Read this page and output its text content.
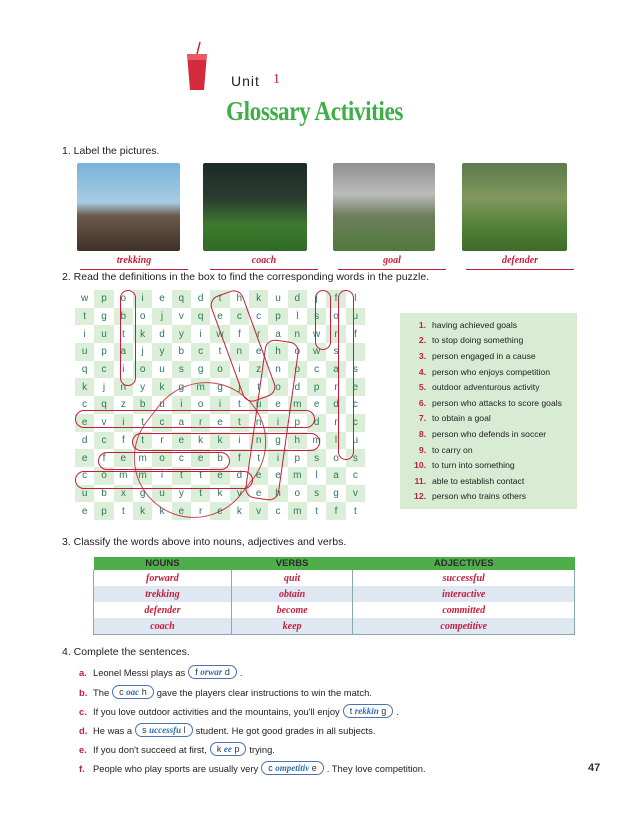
Unit 1
Glossary Activities
1. Label the pictures.
trekking	coach	goal	defender
2. Read the definitions in the box to find the corresponding words in the puzzle.
w	p	o	i	e	q	d	t	h	k	u	d	j	f	l
t	g	b	o	j	v	q	e	c	c	p	l	s	o	u
i	u	t	k	d	y	i	w	f	r	a	n	w	r	f
u	p	a	j	y	b	c	t	n	e	h	o	w	s
q	c	i	o	u	s	g	o	i	z	n	o	c	a	s
k	j	n	y	k	g	m	g	j	t	o	d	p	r	e
c	q	z	b	u	i	o	i	t	u	e	m	e	d	c
e	v	i	t	c	a	r	e	t	n	i	p	d	r	c
d	c	f	t	r	e	k	k	i	n	g	h	m	l	u
e	f	e	m	o	c	e	b	f	t	i	p	s	o	s
c	o	m	m	i	t	t	e	d	e	e	m	l	a	c
u	b	x	g	u	y	t	k	v	e	h	o	s	g	v
e	p	t	k	k	e	r	e	k	v	c	m	t	f	t
1. having achieved goals
2. to stop doing something
3. person engaged in a cause
4. person who enjoys competition
5. outdoor adventurous activity
6. person who attacks to score goals
7. to obtain a goal
8. person who defends in soccer
9. to carry on
10. to turn into something
11. able to establish contact
12. person who trains others
3. Classify the words above into nouns, adjectives and verbs.
NOUNS	VERBS	ADJECTIVES
forward	quit	successful
trekking	obtain	interactive
defender	become	committed
coach	keep	competitive
4. Complete the sentences.
a. Leonel Messi plays as	f orwar d	.
b. The	c oac h	gave the players clear instructions to win the match.
c. If you love outdoor activities and the mountains, you'll enjoy	t rekkin g	.
d. He was a	s uccessfu l	student. He got good grades in all subjects.
e. If you don't succeed at first,	k ee p	trying.
f. People who play sports are usually very	c ompetitiv e	. They love competition.	47
